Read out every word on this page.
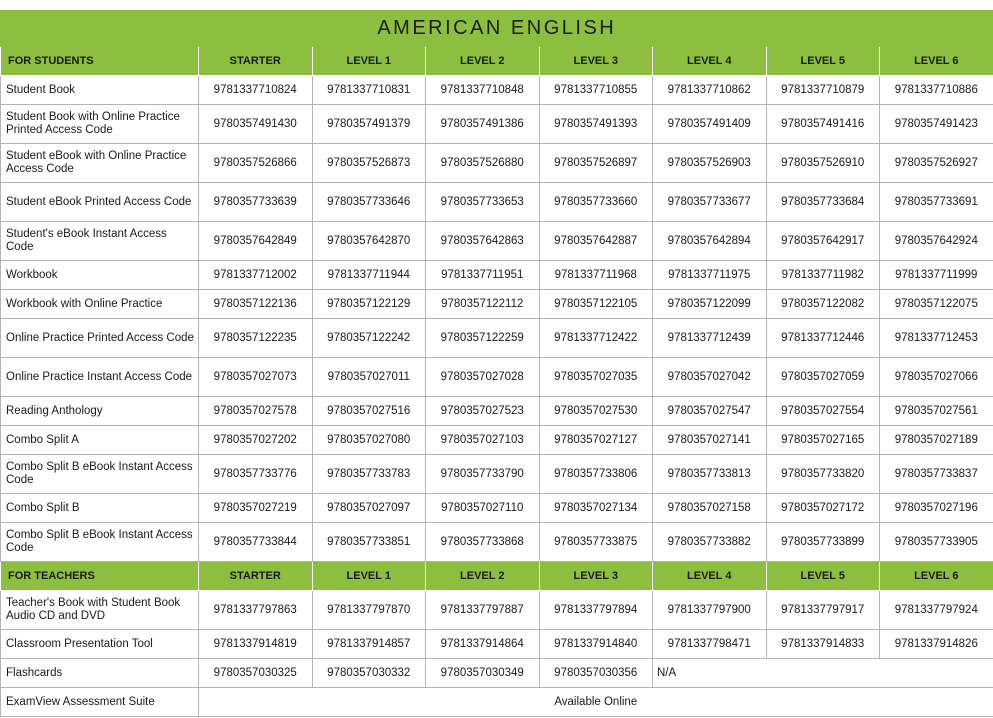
AMERICAN ENGLISH							
FOR STUDENTS	STARTER	LEVEL 1	LEVEL 2	LEVEL 3	LEVEL 4	LEVEL 5	LEVEL 6
Student Book	9781337710824	9781337710831	9781337710848	9781337710855	9781337710862	9781337710879	9781337710886
Student Book with Online Practice Printed Access Code	9780357491430	9780357491379	9780357491386	9780357491393	9780357491409	9780357491416	9780357491423
Student eBook with Online Practice Access Code	9780357526866	9780357526873	9780357526880	9780357526897	9780357526903	9780357526910	9780357526927
Student eBook Printed Access Code	9780357733639	9780357733646	9780357733653	9780357733660	9780357733677	9780357733684	9780357733691
Student's eBook Instant Access Code	9780357642849	9780357642870	9780357642863	9780357642887	9780357642894	9780357642917	9780357642924
Workbook	9781337712002	9781337711944	9781337711951	9781337711968	9781337711975	9781337711982	9781337711999
Workbook with Online Practice	9780357122136	9780357122129	9780357122112	9780357122105	9780357122099	9780357122082	9780357122075
Online Practice Printed Access Code	9780357122235	9780357122242	9780357122259	9781337712422	9781337712439	9781337712446	9781337712453
Online Practice Instant Access Code	9780357027073	9780357027011	9780357027028	9780357027035	9780357027042	9780357027059	9780357027066
Reading Anthology	9780357027578	9780357027516	9780357027523	9780357027530	9780357027547	9780357027554	9780357027561
Combo Split A	9780357027202	9780357027080	9780357027103	9780357027127	9780357027141	9780357027165	9780357027189
Combo Split B eBook Instant Access Code	9780357733776	9780357733783	9780357733790	9780357733806	9780357733813	9780357733820	9780357733837
Combo Split B	9780357027219	9780357027097	9780357027110	9780357027134	9780357027158	9780357027172	9780357027196
Combo Split B eBook Instant Access Code	9780357733844	9780357733851	9780357733868	9780357733875	9780357733882	9780357733899	9780357733905
FOR TEACHERS	STARTER	LEVEL 1	LEVEL 2	LEVEL 3	LEVEL 4	LEVEL 5	LEVEL 6
Teacher's Book with Student Book Audio CD and DVD	9781337797863	9781337797870	9781337797887	9781337797894	9781337797900	9781337797917	9781337797924
Classroom Presentation Tool	9781337914819	9781337914857	9781337914864	9781337914840	9781337798471	9781337914833	9781337914826
Flashcards	9780357030325	9780357030332	9780357030349	9780357030356	N/A		
ExamView Assessment Suite	Available Online						
